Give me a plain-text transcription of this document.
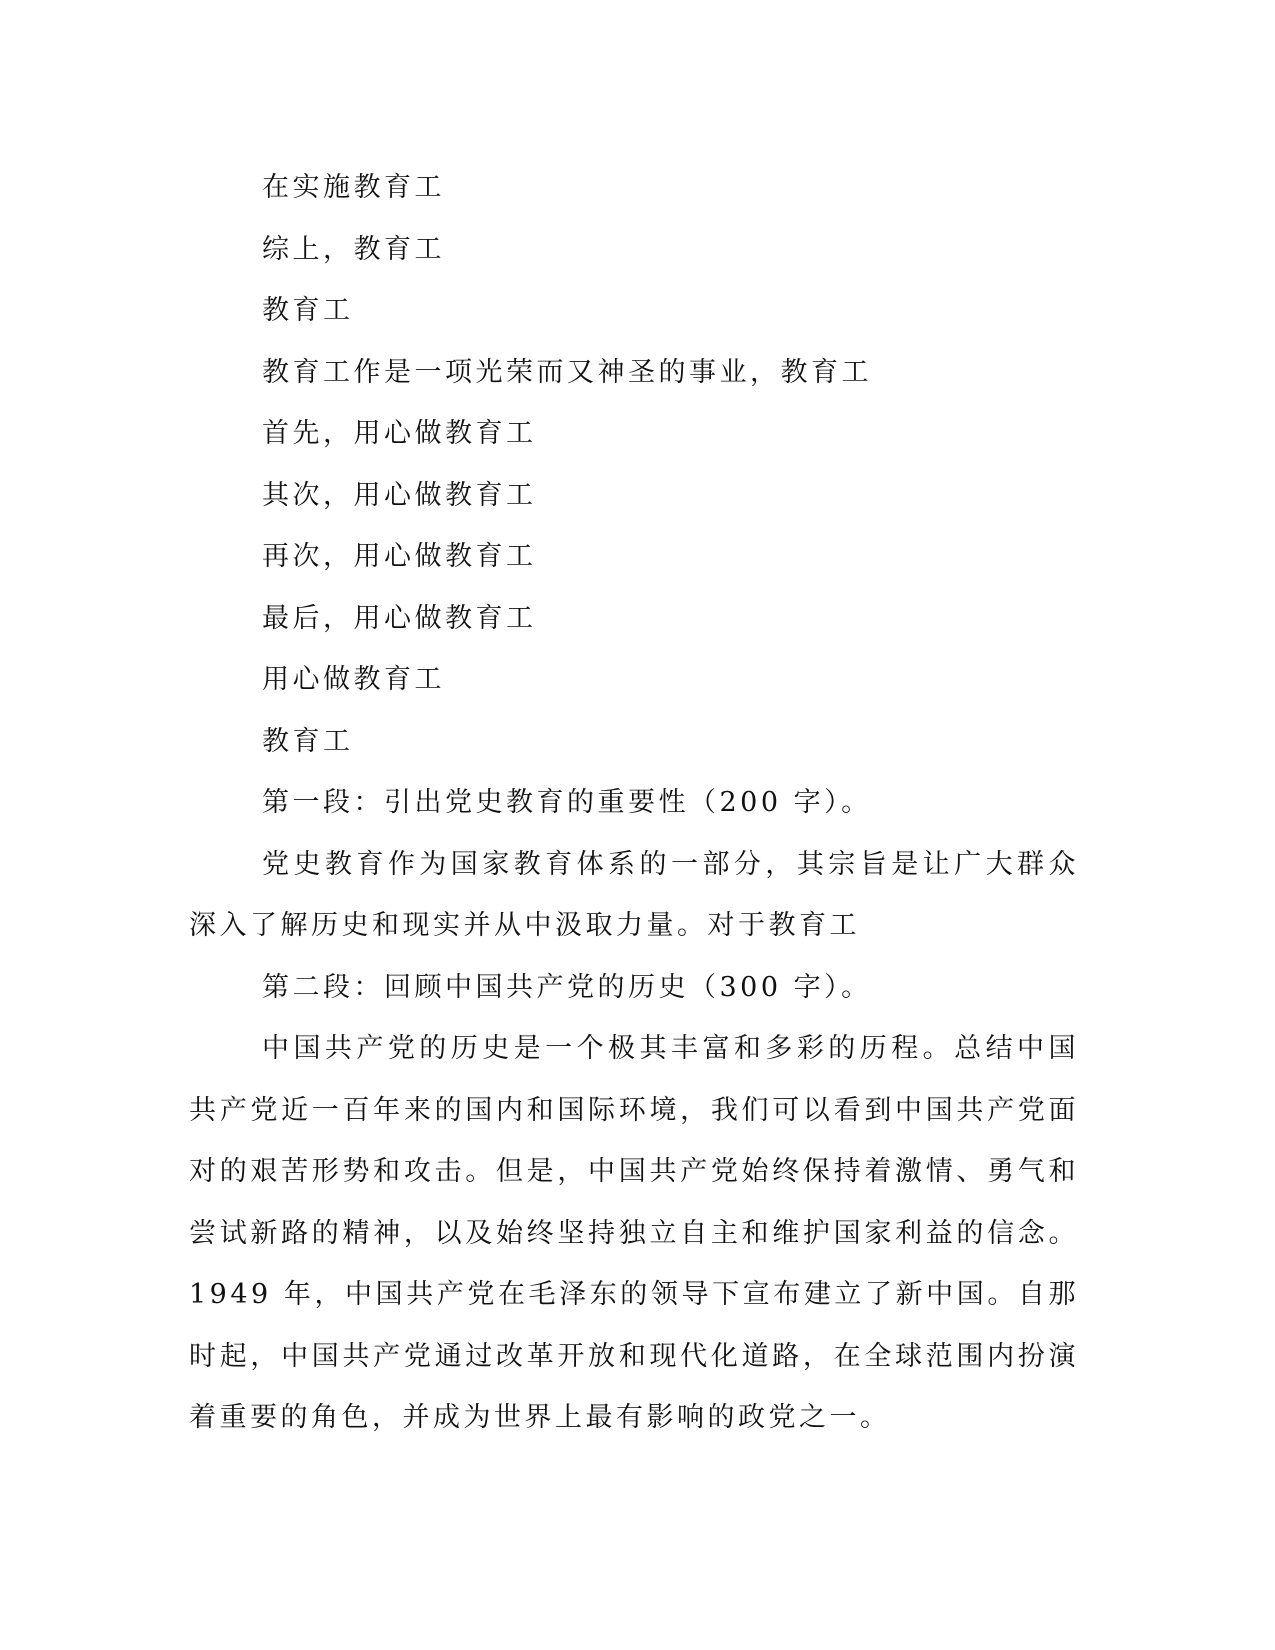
在实施教育工

综上，教育工

教育工

教育工作是一项光荣而又神圣的事业，教育工

首先，用心做教育工

其次，用心做教育工

再次，用心做教育工

最后，用心做教育工

用心做教育工

教育工

第一段：引出党史教育的重要性（200 字）。

党史教育作为国家教育体系的一部分，其宗旨是让广大群众深入了解历史和现实并从中汲取力量。对于教育工

第二段：回顾中国共产党的历史（300 字）。

中国共产党的历史是一个极其丰富和多彩的历程。总结中国共产党近一百年来的国内和国际环境，我们可以看到中国共产党面对的艰苦形势和攻击。但是，中国共产党始终保持着激情、勇气和尝试新路的精神，以及始终坚持独立自主和维护国家利益的信念。1949 年，中国共产党在毛泽东的领导下宣布建立了新中国。自那时起，中国共产党通过改革开放和现代化道路，在全球范围内扮演着重要的角色，并成为世界上最有影响的政党之一。
